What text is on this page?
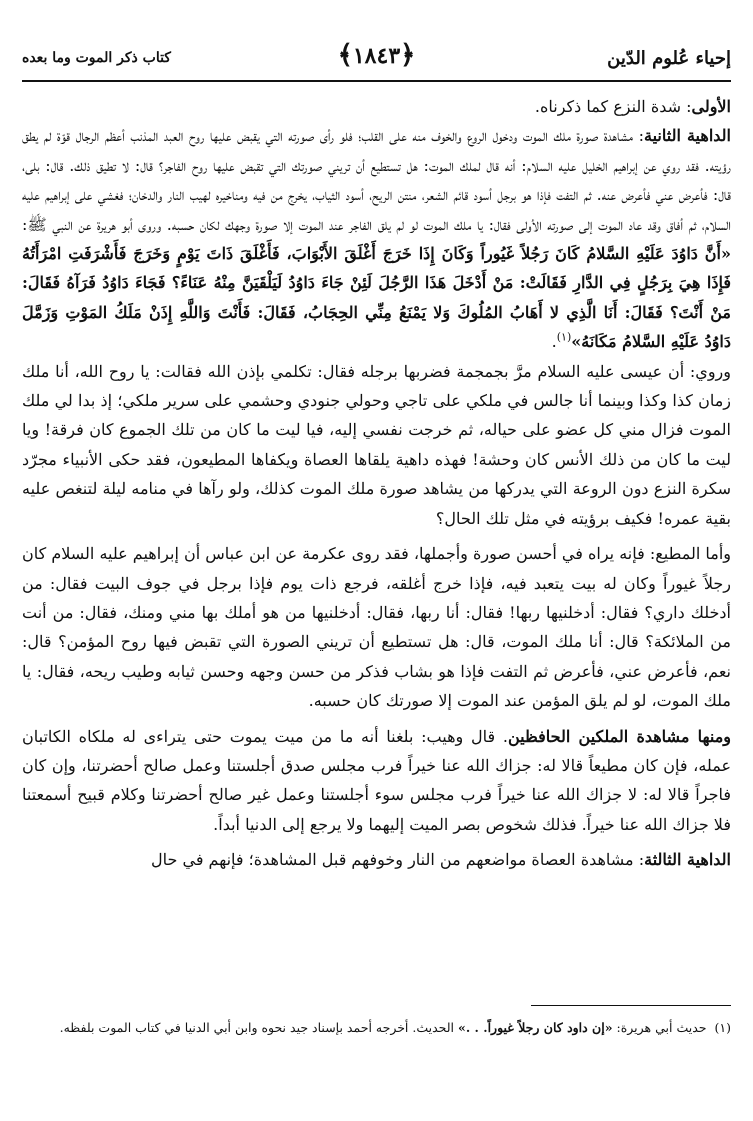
إحياء عُلوم الدّين
﴿١٨٤٣﴾
كتاب ذكر الموت وما بعده

الأولى: شدة النزع كما ذكرناه.

الداهية الثانية: مشاهدة صورة ملك الموت ودخول الروع والخوف منه على القلب؛ فلو رأى صورته التي يقبض عليها روح العبد المذنب أعظم الرجال قوّة لم يطق رؤيته. فقد روي عن إبراهيم الخليل عليه السلام: أنه قال لملك الموت: هل تستطيع أن تريني صورتك التي تقبض عليها روح الفاجر؟ قال: لا تطيق ذلك. قال: بلى، قال: فأعرض عني فأعرض عنه. ثم التفت فإذا هو برجل أسود قائم الشعر، منتن الريح، أسود الثياب، يخرج من فيه ومناخيره لهيب النار والدخان؛ فغشي على إبراهيم عليه السلام، ثم أفاق وقد عاد الموت إلى صورته الأولى فقال: يا ملك الموت لو لم يلق الفاجر عند الموت إلا صورة وجهك لكان حسبه. وروى أبو هريرة عن النبي ﷺ: «أَنَّ دَاوُدَ عَلَيْهِ السَّلامُ كَانَ رَجُلاً غَيُوراً وَكَانَ إِذَا خَرَجَ أَغْلَقَ الأَبْوَابَ، فَأَغْلَقَ ذَاتَ يَوْمٍ وَخَرَجَ فَأَشْرَفَتِ امْرَأَتُهُ فَإِذَا هِيَ بِرَجُلٍ فِي الدَّارِ فَقَالَتْ: مَنْ أَدْخَلَ هَذَا الرَّجُلَ لَئِنْ جَاءَ دَاوُدُ لَيَلْقَيَنَّ مِنْهُ عَنَاءً؟ فَجَاءَ دَاوُدُ فَرَآهُ فَقَالَ: مَنْ أَنْتَ؟ فَقَالَ: أَنَا الَّذِي لا أَهَابُ المُلُوكَ وَلا يَمْنَعُ مِنِّي الحِجَابُ، فَقَالَ: فَأَنْتَ وَاللَّهِ إِذَنْ مَلَكُ المَوْتِ وَزَمَّلَ دَاوُدُ عَلَيْهِ السَّلامُ مَكَانَهُ»$^{(١)}$.

وروي: أن عيسى عليه السلام مرَّ بجمجمة فضربها برجله فقال: تكلمي بإذن الله فقالت: يا روح الله، أنا ملك زمان كذا وكذا وبينما أنا جالس في ملكي على تاجي وحولي جنودي وحشمي على سرير ملكي؛ إذ بدا لي ملك الموت فزال مني كل عضو على حياله، ثم خرجت نفسي إليه، فيا ليت ما كان من تلك الجموع كان فرقة! ويا ليت ما كان من ذلك الأنس كان وحشة! فهذه داهية يلقاها العصاة ويكفاها المطيعون، فقد حكى الأنبياء مجرّد سكرة النزع دون الروعة التي يدركها من يشاهد صورة ملك الموت كذلك، ولو رآها في منامه ليلة لتنغص عليه بقية عمره! فكيف برؤيته في مثل تلك الحال؟

وأما المطيع: فإنه يراه في أحسن صورة وأجملها، فقد روى عكرمة عن ابن عباس أن إبراهيم عليه السلام كان رجلاً غيوراً وكان له بيت يتعبد فيه، فإذا خرج أغلقه، فرجع ذات يوم فإذا برجل في جوف البيت فقال: من أدخلك داري؟ فقال: أدخلنيها ربها! فقال: أنا ربها، فقال: أدخلنيها من هو أملك بها مني ومنك، فقال: من أنت من الملائكة؟ قال: أنا ملك الموت، قال: هل تستطيع أن تريني الصورة التي تقبض فيها روح المؤمن؟ قال: نعم، فأعرض عني، فأعرض ثم التفت فإذا هو بشاب فذكر من حسن وجهه وحسن ثيابه وطيب ريحه، فقال: يا ملك الموت، لو لم يلق المؤمن عند الموت إلا صورتك كان حسبه.

ومنها مشاهدة الملكين الحافظين. قال وهيب: بلغنا أنه ما من ميت يموت حتى يتراءى له ملكاه الكاتبان عمله، فإن كان مطيعاً قالا له: جزاك الله عنا خيراً فرب مجلس صدق أجلستنا وعمل صالح أحضرتنا، وإن كان فاجراً قالا له: لا جزاك الله عنا خيراً فرب مجلس سوء أجلستنا وعمل غير صالح أحضرتنا وكلام قبيح أسمعتنا فلا جزاك الله عنا خيراً. فذلك شخوص بصر الميت إليهما ولا يرجع إلى الدنيا أبداً.

الداهية الثالثة: مشاهدة العصاة مواضعهم من النار وخوفهم قبل المشاهدة؛ فإنهم في حال

(١)حديث أبي هريرة: «إن داود كان رجلاً غيوراً. . .» الحديث. أخرجه أحمد بإسناد جيد نحوه وابن أبي الدنيا في كتاب الموت بلفظه.
